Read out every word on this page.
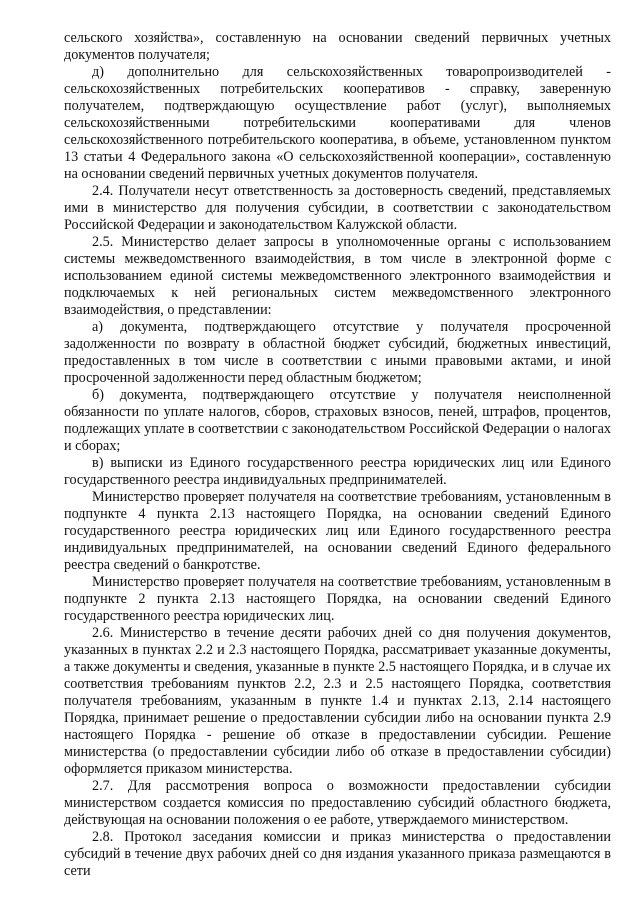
сельского хозяйства», составленную на основании сведений первичных учетных документов получателя;

д) дополнительно для сельскохозяйственных товаропроизводителей - сельскохозяйственных потребительских кооперативов - справку, заверенную получателем, подтверждающую осуществление работ (услуг), выполняемых сельскохозяйственными потребительскими кооперативами для членов сельскохозяйственного потребительского кооператива, в объеме, установленном пунктом 13 статьи 4 Федерального закона «О сельскохозяйственной кооперации», составленную на основании сведений первичных учетных документов получателя.

2.4. Получатели несут ответственность за достоверность сведений, представляемых ими в министерство для получения субсидии, в соответствии с законодательством Российской Федерации и законодательством Калужской области.

2.5. Министерство делает запросы в уполномоченные органы с использованием системы межведомственного взаимодействия, в том числе в электронной форме с использованием единой системы межведомственного электронного взаимодействия и подключаемых к ней региональных систем межведомственного электронного взаимодействия, о представлении:

а) документа, подтверждающего отсутствие у получателя просроченной задолженности по возврату в областной бюджет субсидий, бюджетных инвестиций, предоставленных в том числе в соответствии с иными правовыми актами, и иной просроченной задолженности перед областным бюджетом;

б) документа, подтверждающего отсутствие у получателя неисполненной обязанности по уплате налогов, сборов, страховых взносов, пеней, штрафов, процентов, подлежащих уплате в соответствии с законодательством Российской Федерации о налогах и сборах;

в) выписки из Единого государственного реестра юридических лиц или Единого государственного реестра индивидуальных предпринимателей.

Министерство проверяет получателя на соответствие требованиям, установленным в подпункте 4 пункта 2.13 настоящего Порядка, на основании сведений Единого государственного реестра юридических лиц или Единого государственного реестра индивидуальных предпринимателей, на основании сведений Единого федерального реестра сведений о банкротстве.

Министерство проверяет получателя на соответствие требованиям, установленным в подпункте 2 пункта 2.13 настоящего Порядка, на основании сведений Единого государственного реестра юридических лиц.

2.6. Министерство в течение десяти рабочих дней со дня получения документов, указанных в пунктах 2.2 и 2.3 настоящего Порядка, рассматривает указанные документы, а также документы и сведения, указанные в пункте 2.5 настоящего Порядка, и в случае их соответствия требованиям пунктов 2.2, 2.3 и 2.5 настоящего Порядка, соответствия получателя требованиям, указанным в пункте 1.4 и пунктах 2.13, 2.14 настоящего Порядка, принимает решение о предоставлении субсидии либо на основании пункта 2.9 настоящего Порядка - решение об отказе в предоставлении субсидии. Решение министерства (о предоставлении субсидии либо об отказе в предоставлении субсидии) оформляется приказом министерства.

2.7. Для рассмотрения вопроса о возможности предоставлении субсидии министерством создается комиссия по предоставлению субсидий областного бюджета, действующая на основании положения о ее работе, утверждаемого министерством.

2.8. Протокол заседания комиссии и приказ министерства о предоставлении субсидий в течение двух рабочих дней со дня издания указанного приказа размещаются в сети
